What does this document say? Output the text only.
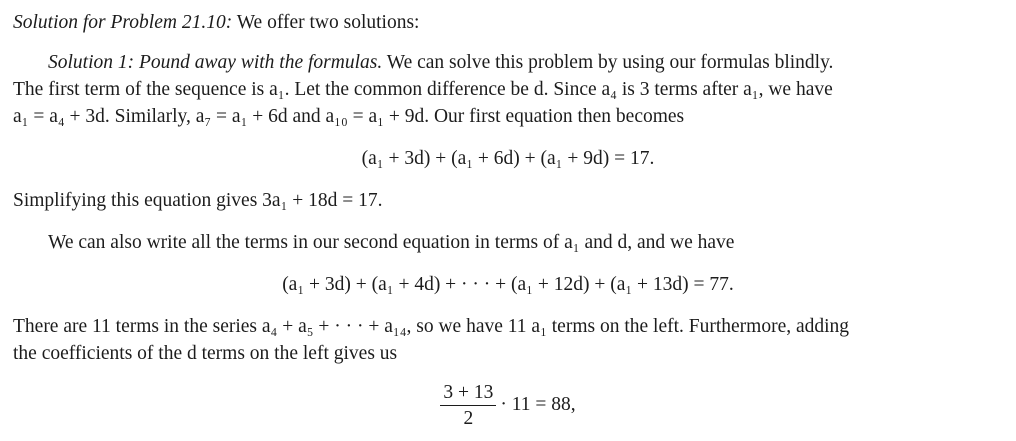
Solution for Problem 21.10: We offer two solutions:
Solution 1: Pound away with the formulas. We can solve this problem by using our formulas blindly.
The first term of the sequence is a₁. Let the common difference be d. Since a₄ is 3 terms after a₁, we have
a₁ = a₄ + 3d. Similarly, a₇ = a₁ + 6d and a₁₀ = a₁ + 9d. Our first equation then becomes
(a₁ + 3d) + (a₁ + 6d) + (a₁ + 9d) = 17.
Simplifying this equation gives 3a₁ + 18d = 17.
We can also write all the terms in our second equation in terms of a₁ and d, and we have
(a₁ + 3d) + (a₁ + 4d) + · · · + (a₁ + 12d) + (a₁ + 13d) = 77.
There are 11 terms in the series a₄ + a₅ + · · · + a₁₄, so we have 11 a₁ terms on the left. Furthermore, adding
the coefficients of the d terms on the left gives us
$\frac{3 + 13}{2} \cdot 11 = 88$,
